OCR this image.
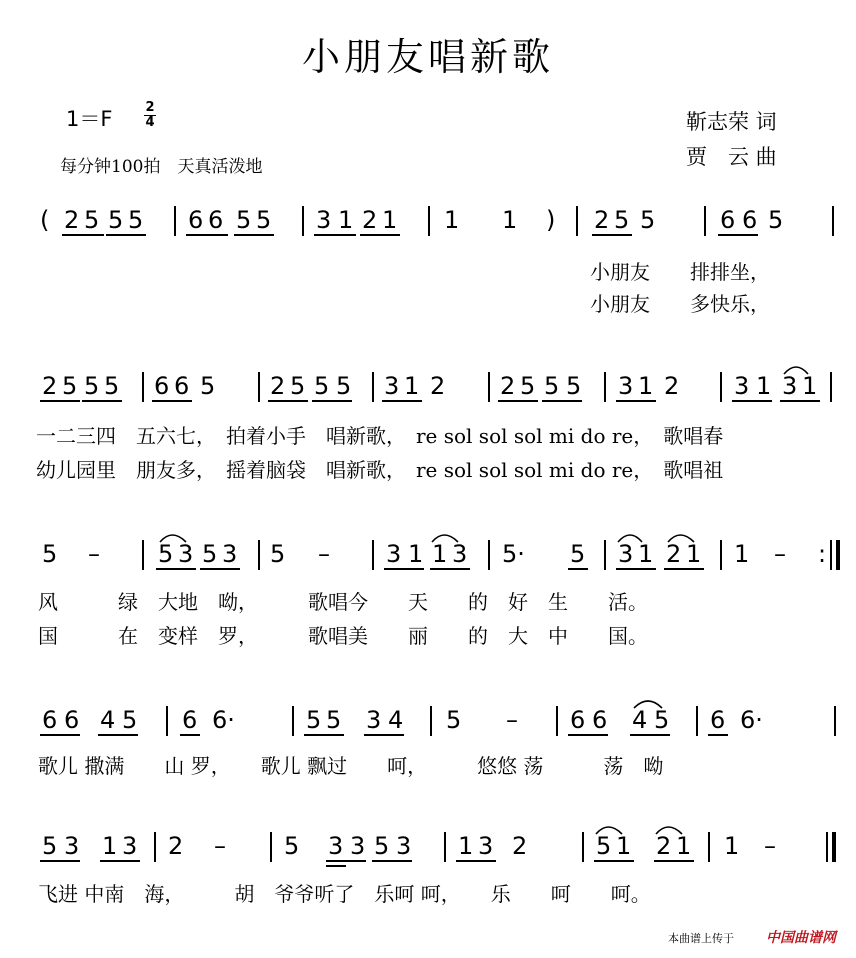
小朋友唱新歌
1＝F	2
4
每分钟100拍　天真活泼地
靳志荣 词
贾　云 曲
( 2 5 5 5 6 6 5 5 3 1 2 1 1 1 ) 2 5 5	6 6 5
小朋友　　排排坐，
小朋友　　多快乐，
2 5 5 5 6 6 5 2 5 5 5 3 1 2 2 5 5 5 3 1 2 3 1 3 1
一二三四　五六七，　拍着小手　唱新歌，　re sol sol sol mi do re，　歌唱春
幼儿园里　朋友多，　摇着脑袋　唱新歌，　re sol sol sol mi do re，　歌唱祖
5 – 5 3 5 3 5 – 3 1 1 3 5· 5 3 1 2 1 1 – :
风　　　绿　大地　呦，　　　歌唱今　　天　　的　好　生　　活。
国　　　在　变样　罗，　　　歌唱美　　丽　　的　大　中　　国。
6 6 4 5 6 6·	5 5 3 4 5 – 6 6 4 5 6 6·
歌儿 撒满　　山 罗，　　歌儿 飘过　　呵，　　　悠悠 荡　　　荡　呦
5 3 1 3 2 – 5 3 3 5 3 1 3 2	5 1 2 1 1 –
飞进 中南　海，　　　胡　爷爷听了　乐呵 呵，　　乐　　呵　　呵。
本曲谱上传于 中国曲谱网
